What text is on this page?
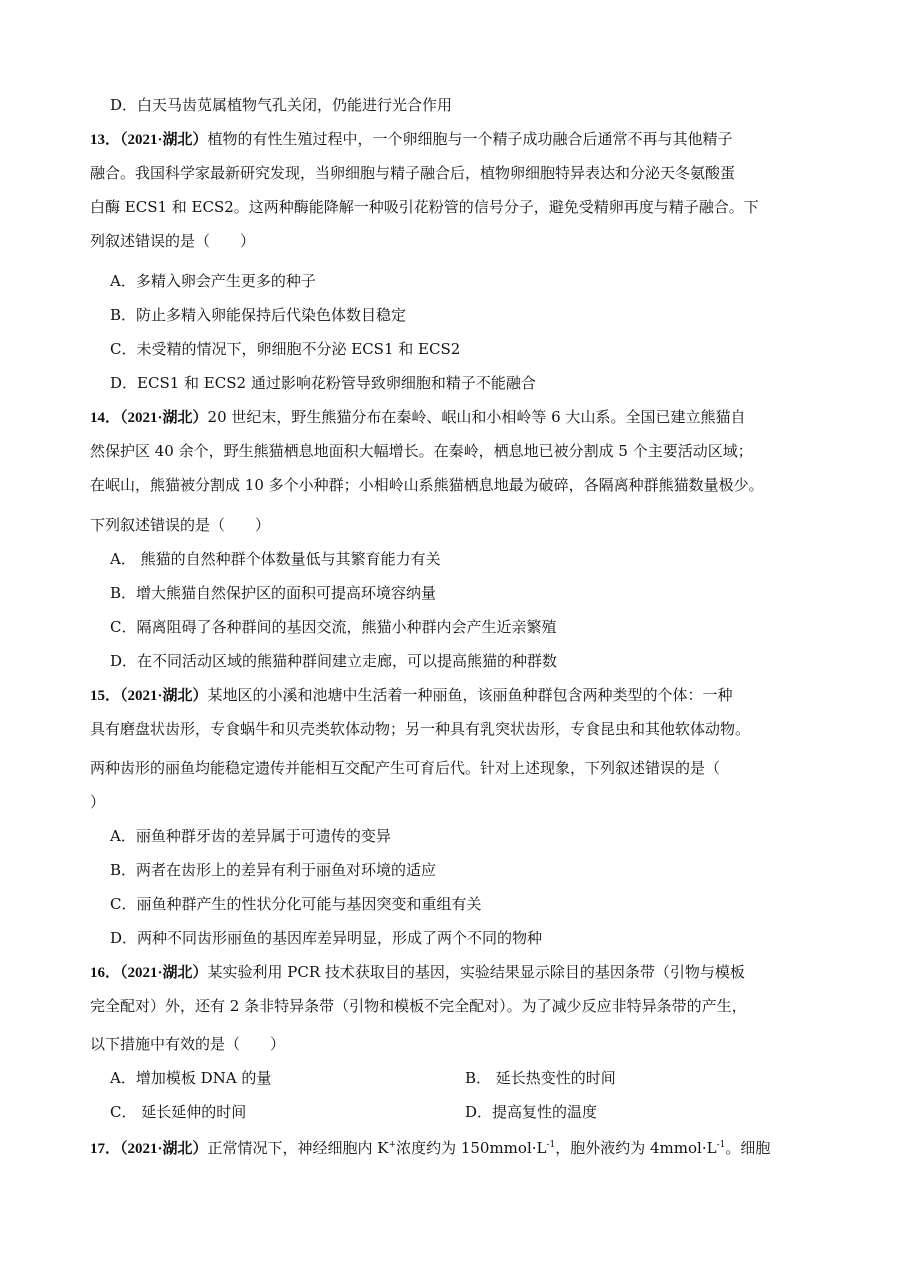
D．白天马齿苋属植物气孔关闭，仍能进行光合作用
13．（2021·湖北）植物的有性生殖过程中，一个卵细胞与一个精子成功融合后通常不再与其他精子
融合。我国科学家最新研究发现，当卵细胞与精子融合后，植物卵细胞特异表达和分泌天冬氨酸蛋
白酶 ECS1 和 ECS2。这两种酶能降解一种吸引花粉管的信号分子，避免受精卵再度与精子融合。下
列叙述错误的是（　　）
A．多精入卵会产生更多的种子
B．防止多精入卵能保持后代染色体数目稳定
C．未受精的情况下，卵细胞不分泌 ECS1 和 ECS2
D．ECS1 和 ECS2 通过影响花粉管导致卵细胞和精子不能融合
14．（2021·湖北）20 世纪末，野生熊猫分布在秦岭、岷山和小相岭等 6 大山系。全国已建立熊猫自
然保护区 40 余个，野生熊猫栖息地面积大幅增长。在秦岭，栖息地已被分割成 5 个主要活动区域；
在岷山，熊猫被分割成 10 多个小种群；小相岭山系熊猫栖息地最为破碎，各隔离种群熊猫数量极少。
下列叙述错误的是（　　）
A． 熊猫的自然种群个体数量低与其繁育能力有关
B．增大熊猫自然保护区的面积可提高环境容纳量
C．隔离阻碍了各种群间的基因交流，熊猫小种群内会产生近亲繁殖
D．在不同活动区域的熊猫种群间建立走廊，可以提高熊猫的种群数
15．（2021·湖北）某地区的小溪和池塘中生活着一种丽鱼，该丽鱼种群包含两种类型的个体：一种
具有磨盘状齿形，专食蜗牛和贝壳类软体动物；另一种具有乳突状齿形，专食昆虫和其他软体动物。
两种齿形的丽鱼均能稳定遗传并能相互交配产生可育后代。针对上述现象，下列叙述错误的是（
）
A．丽鱼种群牙齿的差异属于可遗传的变异
B．两者在齿形上的差异有利于丽鱼对环境的适应
C．丽鱼种群产生的性状分化可能与基因突变和重组有关
D．两种不同齿形丽鱼的基因库差异明显，形成了两个不同的物种
16．（2021·湖北）某实验利用 PCR 技术获取目的基因，实验结果显示除目的基因条带（引物与模板
完全配对）外，还有 2 条非特异条带（引物和模板不完全配对）。为了减少反应非特异条带的产生，
以下措施中有效的是（　　）
A．增加模板 DNA 的量	B． 延长热变性的时间
C． 延长延伸的时间	D．提高复性的温度
17．（2021·湖北）正常情况下，神经细胞内 K+浓度约为 $150mmol\cdot L^{-1}$，胞外液约为 $4mmol\cdot L^{-1}$。细胞
